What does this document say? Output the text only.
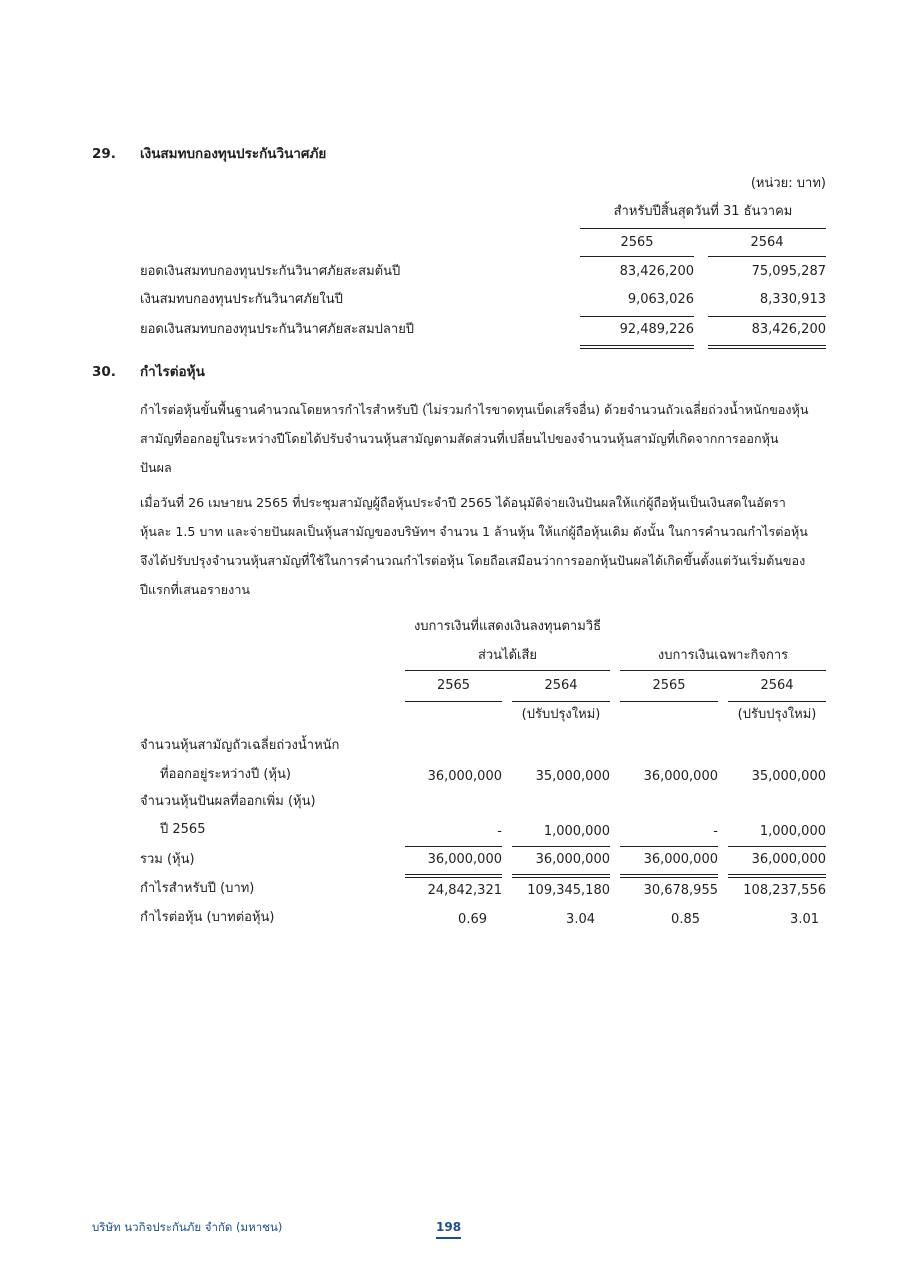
29. เงินสมทบกองทุนประกันวินาศภัย
(หน่วย: บาท)
สำหรับปีสิ้นสุดวันที่ 31 ธันวาคม
2565	2564
ยอดเงินสมทบกองทุนประกันวินาศภัยสะสมต้นปี	83,426,200	75,095,287
เงินสมทบกองทุนประกันวินาศภัยในปี	9,063,026	8,330,913
ยอดเงินสมทบกองทุนประกันวินาศภัยสะสมปลายปี	92,489,226	83,426,200
30. กำไรต่อหุ้น

กำไรต่อหุ้นขั้นพื้นฐานคำนวณโดยหารกำไรสำหรับปี (ไม่รวมกำไรขาดทุนเบ็ดเสร็จอื่น) ด้วยจำนวนถัวเฉลี่ยถ่วงน้ำหนักของหุ้น

สามัญที่ออกอยู่ในระหว่างปีโดยได้ปรับจำนวนหุ้นสามัญตามสัดส่วนที่เปลี่ยนไปของจำนวนหุ้นสามัญที่เกิดจากการออกหุ้น

ปันผล

เมื่อวันที่ 26 เมษายน 2565 ที่ประชุมสามัญผู้ถือหุ้นประจำปี 2565 ได้อนุมัติจ่ายเงินปันผลให้แก่ผู้ถือหุ้นเป็นเงินสดในอัตรา

หุ้นละ 1.5 บาท และจ่ายปันผลเป็นหุ้นสามัญของบริษัทฯ จำนวน 1 ล้านหุ้น ให้แก่ผู้ถือหุ้นเดิม ดังนั้น ในการคำนวณกำไรต่อหุ้น

จึงได้ปรับปรุงจำนวนหุ้นสามัญที่ใช้ในการคำนวณกำไรต่อหุ้น โดยถือเสมือนว่าการออกหุ้นปันผลได้เกิดขึ้นตั้งแต่วันเริ่มต้นของ

ปีแรกที่เสนอรายงาน

งบการเงินที่แสดงเงินลงทุนตามวิธี
ส่วนได้เสีย	งบการเงินเฉพาะกิจการ
2565	2564	2565	2564
(ปรับปรุงใหม่)	(ปรับปรุงใหม่)
จำนวนหุ้นสามัญถัวเฉลี่ยถ่วงน้ำหนัก
ที่ออกอยู่ระหว่างปี (หุ้น)	36,000,000	35,000,000	36,000,000	35,000,000
จำนวนหุ้นปันผลที่ออกเพิ่ม (หุ้น)
ปี 2565	-	1,000,000	-	1,000,000
รวม (หุ้น)	36,000,000	36,000,000	36,000,000	36,000,000
กำไรสำหรับปี (บาท)	24,842,321	109,345,180	30,678,955	108,237,556
กำไรต่อหุ้น (บาทต่อหุ้น)	0.69	3.04	0.85	3.01
บริษัท นวกิจประกันภัย จำกัด (มหาชน)	198
